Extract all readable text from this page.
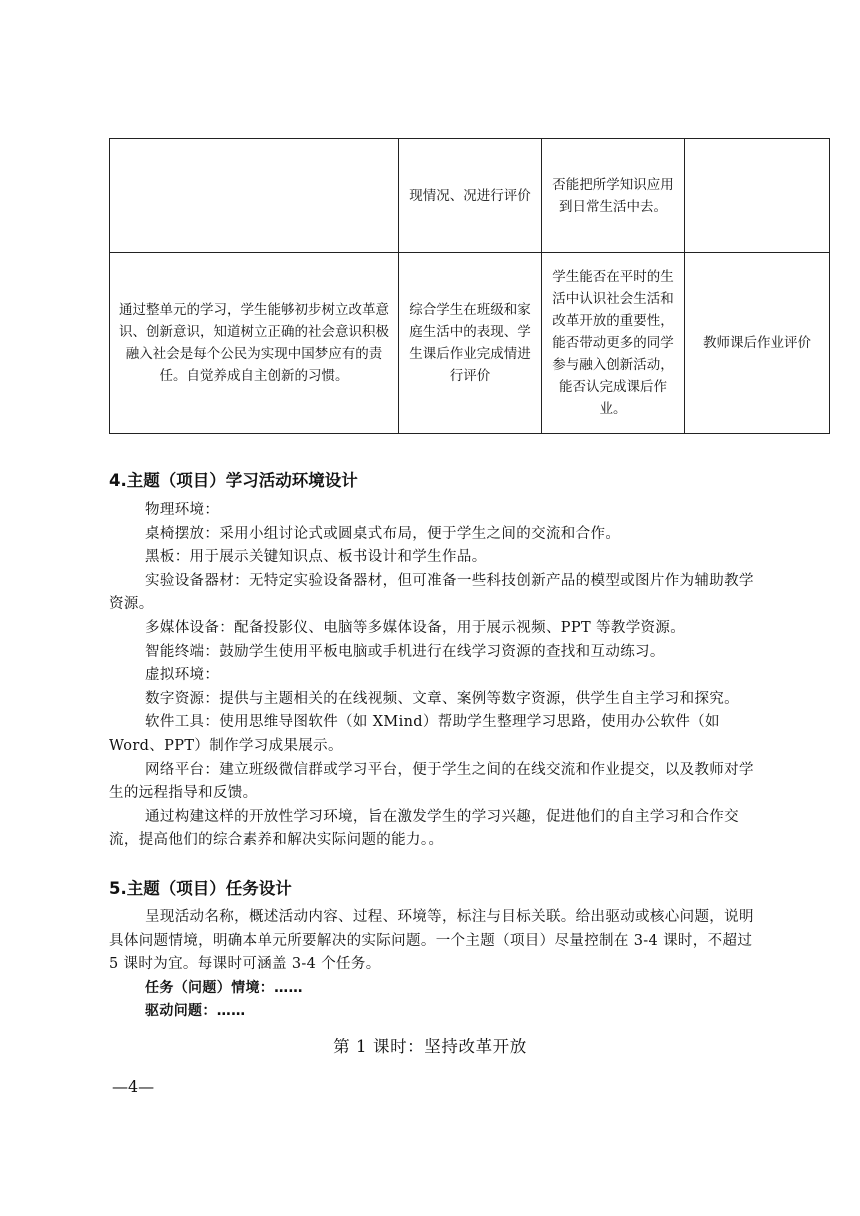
	现情况、况进行评价	否能把所学知识应用到日常生活中去。	
通过整单元的学习，学生能够初步树立改革意识、创新意识，知道树立正确的社会意识积极融入社会是每个公民为实现中国梦应有的责任。自觉养成自主创新的习惯。	综合学生在班级和家庭生活中的表现、学生课后作业完成情进行评价	学生能否在平时的生活中认识社会生活和改革开放的重要性，能否带动更多的同学参与融入创新活动，能否认完成课后作业。	教师课后作业评价
4.主题（项目）学习活动环境设计

物理环境：

桌椅摆放：采用小组讨论式或圆桌式布局，便于学生之间的交流和合作。

黑板：用于展示关键知识点、板书设计和学生作品。

实验设备器材：无特定实验设备器材，但可准备一些科技创新产品的模型或图片作为辅助教学资源。

多媒体设备：配备投影仪、电脑等多媒体设备，用于展示视频、PPT 等教学资源。

智能终端：鼓励学生使用平板电脑或手机进行在线学习资源的查找和互动练习。

虚拟环境：

数字资源：提供与主题相关的在线视频、文章、案例等数字资源，供学生自主学习和探究。

软件工具：使用思维导图软件（如 XMind）帮助学生整理学习思路，使用办公软件（如 Word、PPT）制作学习成果展示。

网络平台：建立班级微信群或学习平台，便于学生之间的在线交流和作业提交，以及教师对学生的远程指导和反馈。

通过构建这样的开放性学习环境，旨在激发学生的学习兴趣，促进他们的自主学习和合作交流，提高他们的综合素养和解决实际问题的能力。。

5.主题（项目）任务设计

呈现活动名称，概述活动内容、过程、环境等，标注与目标关联。给出驱动或核心问题，说明具体问题情境，明确本单元所要解决的实际问题。一个主题（项目）尽量控制在 3-4 课时，不超过 5 课时为宜。每课时可涵盖 3-4 个任务。

任务（问题）情境：……

驱动问题：……

第 1 课时：坚持改革开放
—4—
